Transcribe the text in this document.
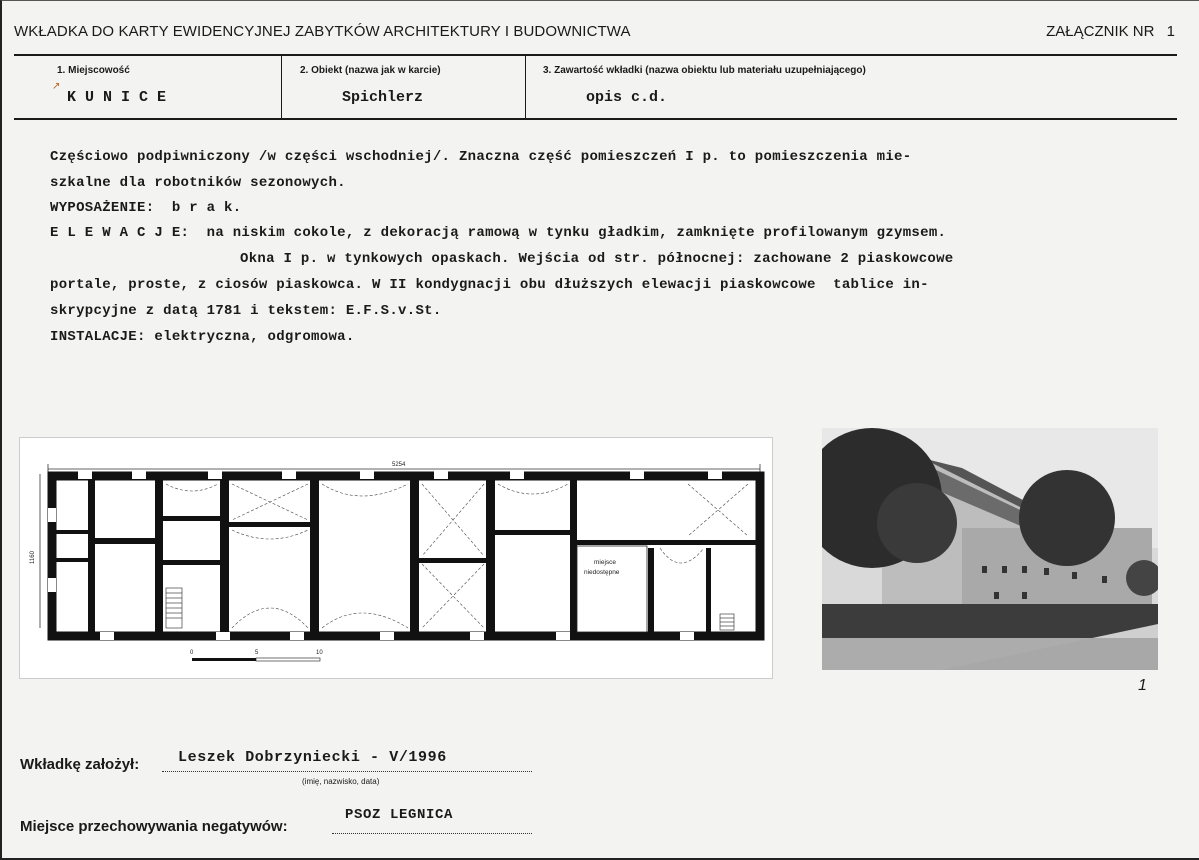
WKŁADKA DO KARTY EWIDENCYJNEJ ZABYTKÓW ARCHITEKTURY I BUDOWNICTWA	ZAŁĄCZNIK NR 1
1. Miejscowość
↗
K U N I C E
2. Obiekt (nazwa jak w karcie)
Spichlerz
3. Zawartość wkładki (nazwa obiektu lub materiału uzupełniającego)
opis c.d.
Częściowo podpiwniczony /w części wschodniej/. Znaczna część pomieszczeń I p. to pomieszczenia mie-
szkalne dla robotników sezonowych.
WYPOSAŻENIE:  b r a k.
E L E W A C J E:  na niskim cokole, z dekoracją ramową w tynku gładkim, zamknięte profilowanym gzymsem.
Okna I p. w tynkowych opaskach. Wejścia od str. północnej: zachowane 2 piaskowcowe
portale, proste, z ciosów piaskowca. W II kondygnacji obu dłuższych elewacji piaskowcowe  tablice in-
skrypcyjne z datą 1781 i tekstem: E.F.S.v.St.
INSTALACJE: elektryczna, odgromowa.
5254
1160	miejsce
niedostępne
0	5	10
1
Wkładkę założył:	Leszek Dobrzyniecki - V/1996
(imię, nazwisko, data)
Miejsce przechowywania negatywów:
PSOZ LEGNICA
